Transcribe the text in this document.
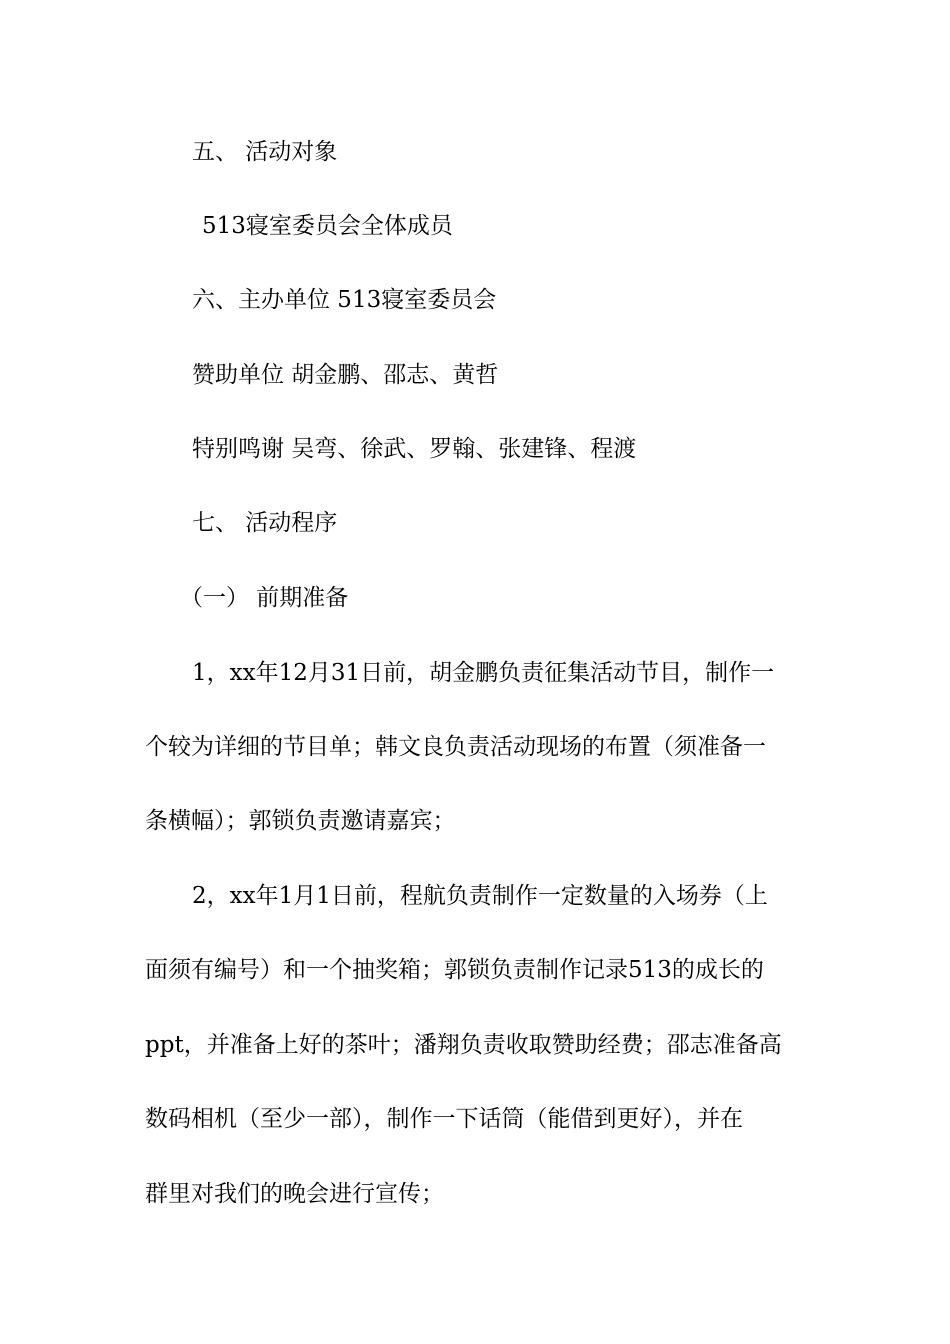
五、 活动对象
513寝室委员会全体成员
六、主办单位 513寝室委员会
赞助单位 胡金鹏、邵志、黄哲
特别鸣谢 吴弯、徐武、罗翰、张建锋、程渡
七、 活动程序
（一） 前期准备
1，xx年12月31日前，胡金鹏负责征集活动节目，制作一
个较为详细的节目单；韩文良负责活动现场的布置（须准备一
条横幅）；郭锁负责邀请嘉宾；
2，xx年1月1日前，程航负责制作一定数量的入场券（上
面须有编号）和一个抽奖箱；郭锁负责制作记录513的成长的
ppt，并准备上好的茶叶；潘翔负责收取赞助经费；邵志准备高
数码相机（至少一部），制作一下话筒（能借到更好），并在
群里对我们的晚会进行宣传；
